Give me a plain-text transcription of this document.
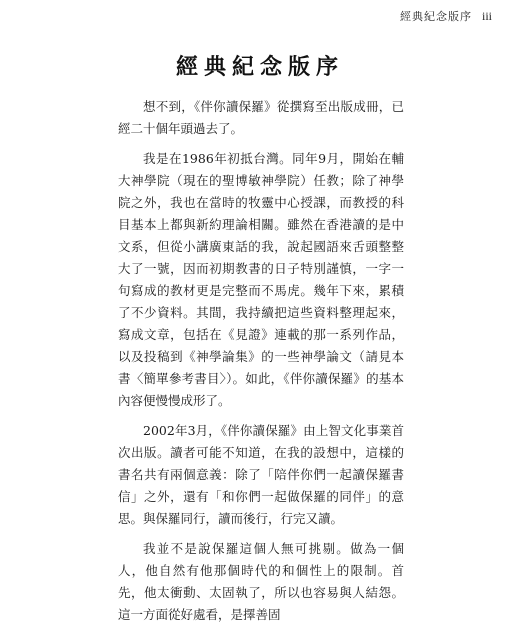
經典紀念版序 iii
經典紀念版序

想不到，《伴你讀保羅》從撰寫至出版成冊，已經二十個年頭過去了。

我是在1986年初抵台灣。同年9月，開始在輔大神學院（現在的聖博敏神學院）任教；除了神學院之外，我也在當時的牧靈中心授課，而教授的科目基本上都與新約理論相關。雖然在香港讀的是中文系，但從小講廣東話的我，說起國語來舌頭整整大了一號，因而初期教書的日子特別謹慎，一字一句寫成的教材更是完整而不馬虎。幾年下來，累積了不少資料。其間，我持續把這些資料整理起來，寫成文章，包括在《見證》連載的那一系列作品，以及投稿到《神學論集》的一些神學論文（請見本書〈簡單參考書目〉）。如此，《伴你讀保羅》的基本內容便慢慢成形了。

2002年3月，《伴你讀保羅》由上智文化事業首次出版。讀者可能不知道，在我的設想中，這樣的書名共有兩個意義：除了「陪伴你們一起讀保羅書信」之外，還有「和你們一起做保羅的同伴」的意思。與保羅同行，讀而後行，行完又讀。

我並不是說保羅這個人無可挑剔。做為一個人，他自然有他那個時代的和個性上的限制。首先，他太衝動、太固執了，所以也容易與人結怨。這一方面從好處看，是擇善固
